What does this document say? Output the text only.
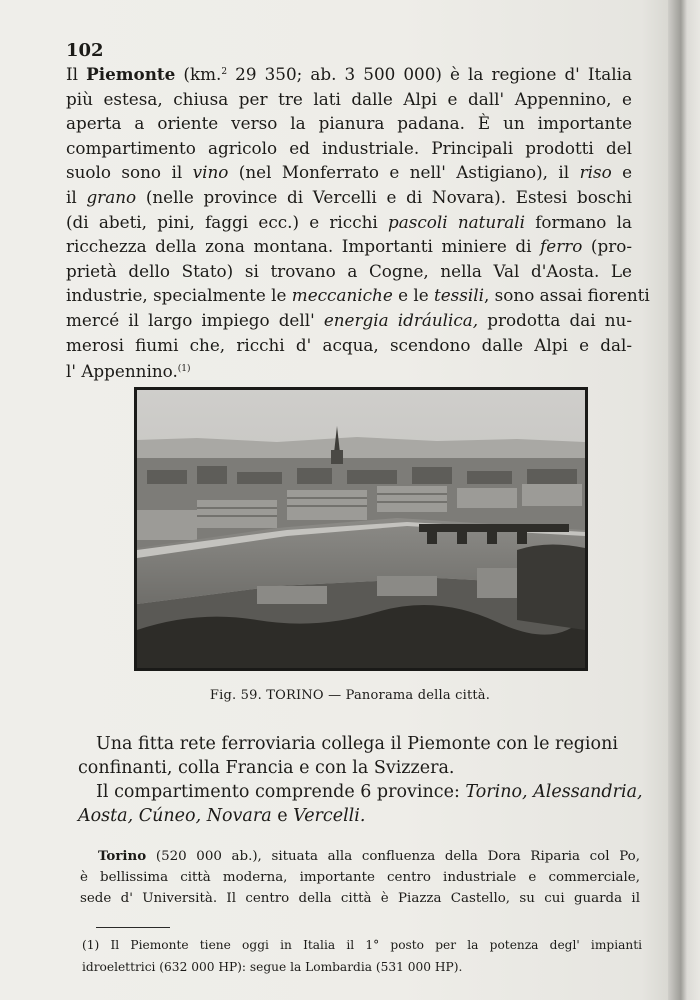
102
Il Piemonte (km.$^2$ 29 350; ab. 3 500 000) è la regione d' Italia
più estesa, chiusa per tre lati dalle Alpi e dall' Appennino, e
aperta a oriente verso la pianura padana. È un importante
compartimento agricolo ed industriale. Principali prodotti del
suolo sono il vino (nel Monferrato e nell' Astigiano), il riso e
il grano (nelle province di Vercelli e di Novara). Estesi boschi
(di abeti, pini, faggi ecc.) e ricchi pascoli naturali formano la
ricchezza della zona montana. Importanti miniere di ferro (pro-
prietà dello Stato) si trovano a Cogne, nella Val d'Aosta. Le
industrie, specialmente le meccaniche e le tessili, sono assai fiorenti
mercé il largo impiego dell' energia idráulica, prodotta dai nu-
merosi fiumi che, ricchi d' acqua, scendono dalle Alpi e dal-
l' Appennino.$^{(1)}$
Fig. 59. TORINO — Panorama della città.
Una fitta rete ferroviaria collega il Piemonte con le regioni
confinanti, colla Francia e con la Svizzera.
Il compartimento comprende 6 province: Torino, Alessandria,
Aosta, Cúneo, Novara e Vercelli.
Torino (520 000 ab.), situata alla confluenza della Dora Riparia col Po,
è bellissima città moderna, importante centro industriale e commerciale,
sede d' Università. Il centro della città è Piazza Castello, su cui guarda il
(1) Il Piemonte tiene oggi in Italia il 1° posto per la potenza degl' impianti
idroelettrici (632 000 HP): segue la Lombardia (531 000 HP).
